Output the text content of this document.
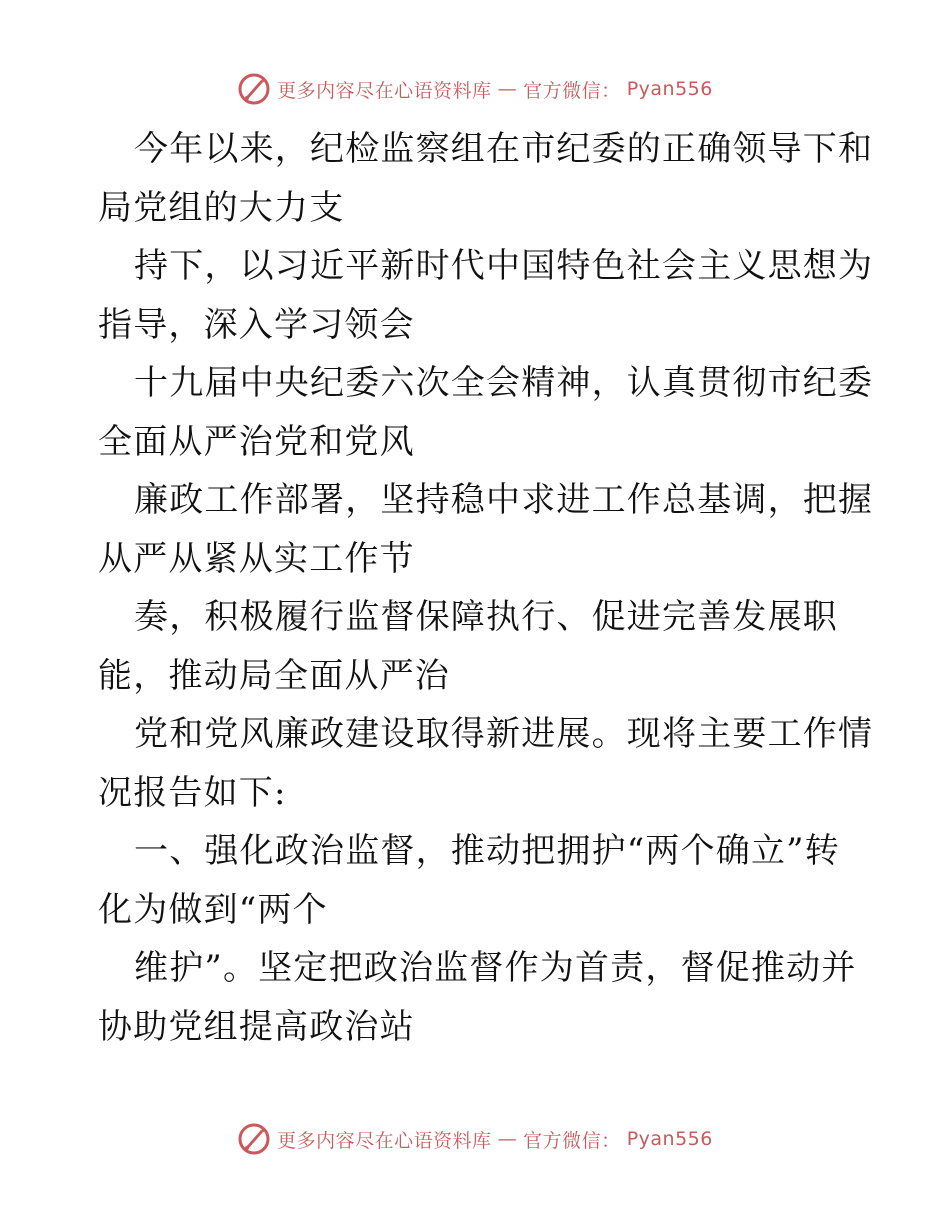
更多内容尽在心语资料库 — 官方微信： Pyan556
今年以来，纪检监察组在市纪委的正确领导下和
局党组的大力支
持下，以习近平新时代中国特色社会主义思想为
指导，深入学习领会
十九届中央纪委六次全会精神，认真贯彻市纪委
全面从严治党和党风
廉政工作部署，坚持稳中求进工作总基调，把握
从严从紧从实工作节
奏，积极履行监督保障执行、促进完善发展职
能，推动局全面从严治
党和党风廉政建设取得新进展。现将主要工作情
况报告如下:
一、强化政治监督，推动把拥护“两个确立”转
化为做到“两个
维护”。坚定把政治监督作为首责，督促推动并
协助党组提高政治站
更多内容尽在心语资料库 — 官方微信： Pyan556
